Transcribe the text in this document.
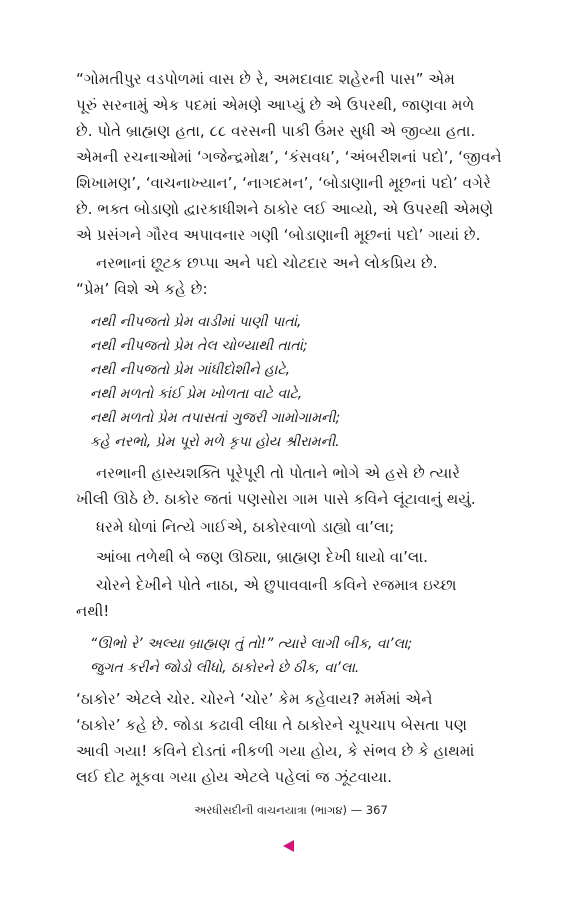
“ગોમતીપુર વડપોળમાં વાસ છે રે, અમદાવાદ શહેરની પાસ” એમ
પૂરું સરનામું એક પદમાં એમણે આપ્યું છે એ ઉપરથી, જાણવા મળે
છે. પોતે બ્રાહ્મણ હતા, ૮૮ વરસની પાકી ઉંમર સુધી એ જીવ્યા હતા.
એમની રચનાઓમાં ‘ગજેન્દ્રમોક્ષ’, ‘કંસવધ’, ‘અંબરીશનાં પદો’, ‘જીવને
શિખામણ’, ‘વાચનાખ્યાન’, ‘નાગદમન’, ‘બોડાણાની મૂછનાં પદો’ વગેરે
છે. ભક્ત બોડાણો દ્વારકાધીશને ઠાકોર લઈ આવ્યો, એ ઉપરથી એમણે
એ પ્રસંગને ગૌરવ અપાવનાર ગણી ‘બોડાણાની મૂછનાં પદો’ ગાયાં છે.

નરભાનાં છૂટક છપ્પા અને પદો ચોટદાર અને લોકપ્રિય છે.
“પ્રેમ’ વિશે એ કહે છે:

નથી નીપજતો પ્રેમ વાડીમાં પાણી પાતાં,
નથી નીપજતો પ્રેમ તેલ ચોળ્યાથી તાતાં;
નથી નીપજતો પ્રેમ ગાંધીદોશીને હાટે,
નથી મળતો કાંઈ પ્રેમ ખોળતા વાટે વાટે,
નથી મળતો પ્રેમ તપાસતાં ગુજરી ગામોગામની;
કહે નરભો, પ્રેમ પૂરો મળે કૃપા હોય શ્રીરામની.

નરભાની હાસ્યશક્તિ પૂરેપૂરી તો પોતાને ભોગે એ હસે છે ત્યારે
ખીલી ઊઠે છે. ઠાકોર જતાં પણસોરા ગામ પાસે કવિને લૂંટાવાનું થયું.

ધરમે ધોળાં નિત્યે ગાઈએ, ઠાકોરવાળો ડાહ્યો વા’લા;

આંબા તળેથી બે જણ ઊઠ્યા, બ્રાહ્મણ દેખી ધાયો વા’લા.

ચોરને દેખીને પોતે નાઠા, એ છુપાવવાની કવિને રજમાત્ર ઇચ્છા
નથી!

“ઊભો રે’ અલ્યા બ્રાહ્મણ તું તો!” ત્યારે લાગી બીક, વા’લા;
જુગત કરીને જોડો લીધો, ઠાકોરને છે ઠીક, વા’લા.

‘ઠાકોર’ એટલે ચોર. ચોરને ‘ચોર’ કેમ કહેવાય? મર્મમાં એને
‘ઠાકોર’ કહે છે. જોડા કઢાવી લીધા તે ઠાકોરને ચૂપચાપ બેસતા પણ
આવી ગયા! કવિને દોડતાં નીકળી ગયા હોય, કે સંભવ છે કે હાથમાં
લઈ દોટ મૂકવા ગયા હોય એટલે પહેલાં જ ઝૂંટવાયા.

અરધીસદીની વાચનયાત્રા (ભાગ૪) — 367
